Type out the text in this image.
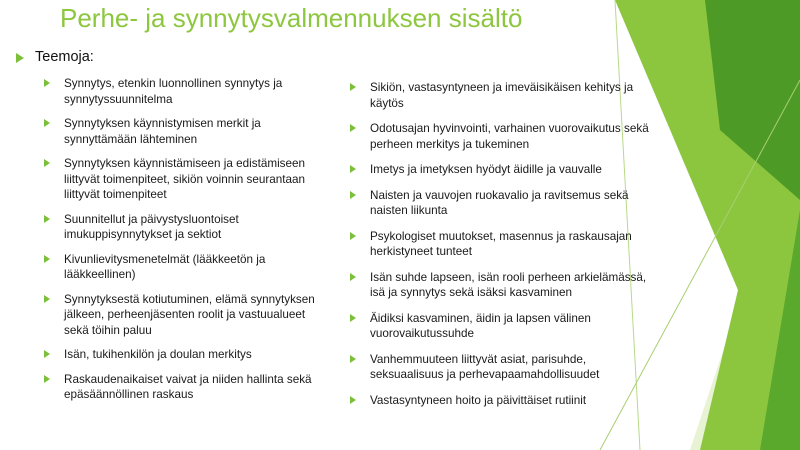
Perhe- ja synnytysvalmennuksen sisältö
Teemoja:
Synnytys, etenkin luonnollinen synnytys ja synnytyssuunnitelma
Synnytyksen käynnistymisen merkit ja synnyttämään lähteminen
Synnytyksen käynnistämiseen ja edistämiseen liittyvät toimenpiteet, sikiön voinnin seurantaan liittyvät toimenpiteet
Suunnitellut ja päivystysluontoiset imukuppisynnytykset ja sektiot
Kivunlievitysmenetelmät (lääkkeetön ja lääkkeellinen)
Synnytyksestä kotiutuminen, elämä synnytyksen jälkeen, perheenjäsenten roolit ja vastuualueet sekä töihin paluu
Isän, tukihenkilön ja doulan merkitys
Raskaudenaikaiset vaivat ja niiden hallinta sekä epäsäännöllinen raskaus
Sikiön, vastasyntyneen ja imeväisikäisen kehitys ja käytös
Odotusajan hyvinvointi, varhainen vuorovaikutus sekä perheen merkitys ja tukeminen
Imetys ja imetyksen hyödyt äidille ja vauvalle
Naisten ja vauvojen ruokavalio ja ravitsemus sekä naisten liikunta
Psykologiset muutokset, masennus ja raskausajan herkistyneet tunteet
Isän suhde lapseen, isän rooli perheen arkielämässä, isä ja synnytys sekä isäksi kasvaminen
Äidiksi kasvaminen, äidin ja lapsen välinen vuorovaikutussuhde
Vanhemmuuteen liittyvät asiat, parisuhde, seksuaalisuus ja perhevapaamahdollisuudet
Vastasyntyneen hoito ja päivittäiset rutiinit
